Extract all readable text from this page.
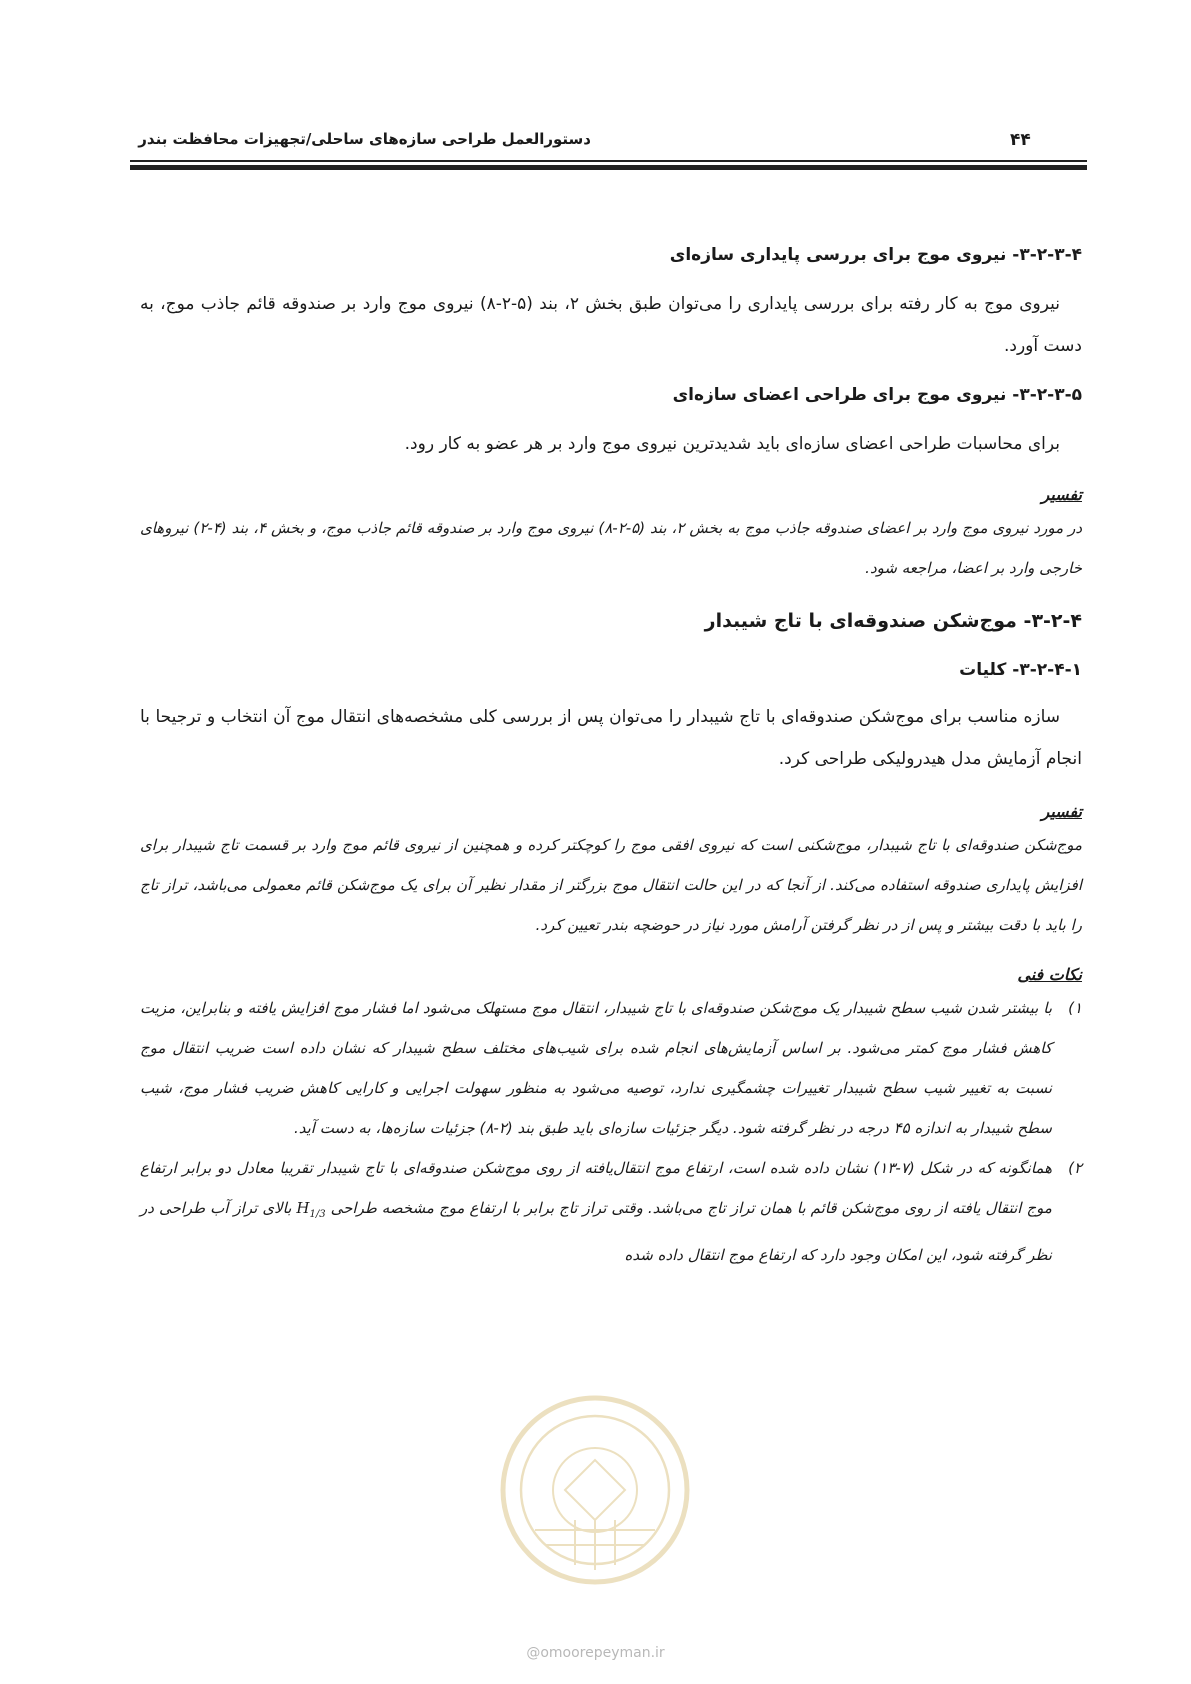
۴۴
دستورالعمل طراحی سازه‌های ساحلی/تجهیزات محافظت بندر

۳-۲-۳-۴- نیروی موج برای بررسی پایداری سازه‌ای

نیروی موج به کار رفته برای بررسی پایداری را می‌توان طبق بخش ۲، بند (۵-۲-۸) نیروی موج وارد بر صندوقه قائم جاذب موج، به دست آورد.

۳-۲-۳-۵- نیروی موج برای طراحی اعضای سازه‌ای

برای محاسبات طراحی اعضای سازه‌ای باید شدیدترین نیروی موج وارد بر هر عضو به کار رود.

تفسیر

در مورد نیروی موج وارد بر اعضای صندوقه جاذب موج به بخش ۲، بند (۵-۲-۸) نیروی موج وارد بر صندوقه قائم جاذب موج، و بخش ۴، بند (۴-۲) نیروهای خارجی وارد بر اعضا، مراجعه شود.

۳-۲-۴- موج‌شکن صندوقه‌ای با تاج شیبدار

۳-۲-۴-۱- کلیات

سازه مناسب برای موج‌شکن صندوقه‌ای با تاج شیبدار را می‌توان پس از بررسی کلی مشخصه‌های انتقال موج آن انتخاب و ترجیحا با انجام آزمایش مدل هیدرولیکی طراحی کرد.

تفسیر

موج‌شکن صندوقه‌ای با تاج شیبدار، موج‌شکنی است که نیروی افقی موج را کوچکتر کرده و همچنین از نیروی قائم موج وارد بر قسمت تاج شیبدار برای افزایش پایداری صندوقه استفاده می‌کند. از آنجا که در این حالت انتقال موج بزرگتر از مقدار نظیر آن برای یک موج‌شکن قائم معمولی می‌باشد، تراز تاج را باید با دقت بیشتر و پس از در نظر گرفتن آرامش مورد نیاز در حوضچه بندر تعیین کرد.

نکات فنی

۱)
با بیشتر شدن شیب سطح شیبدار یک موج‌شکن صندوقه‌ای با تاج شیبدار، انتقال موج مستهلک می‌شود اما فشار موج افزایش یافته و بنابراین، مزیت کاهش فشار موج کمتر می‌شود. بر اساس آزمایش‌های انجام شده برای شیب‌های مختلف سطح شیبدار که نشان داده است ضریب انتقال موج نسبت به تغییر شیب سطح شیبدار تغییرات چشمگیری ندارد، توصیه می‌شود به منظور سهولت اجرایی و کارایی کاهش ضریب فشار موج، شیب سطح شیبدار به اندازه ۴۵ درجه در نظر گرفته شود. دیگر جزئیات سازه‌ای باید طبق بند (۲-۸) جزئیات سازه‌ها، به دست آید.
۲)
همانگونه که در شکل (۷-۱۳) نشان داده شده است، ارتفاع موج انتقال‌یافته از روی موج‌شکن صندوقه‌ای با تاج شیبدار تقریبا معادل دو برابر ارتفاع موج انتقال یافته از روی موج‌شکن قائم با همان تراز تاج می‌باشد. وقتی تراز تاج برابر با ارتفاع موج مشخصه طراحی $H_{1/3}$ بالای تراز آب طراحی در نظر گرفته شود، این امکان وجود دارد که ارتفاع موج انتقال داده شده
@omoorepeyman.ir
